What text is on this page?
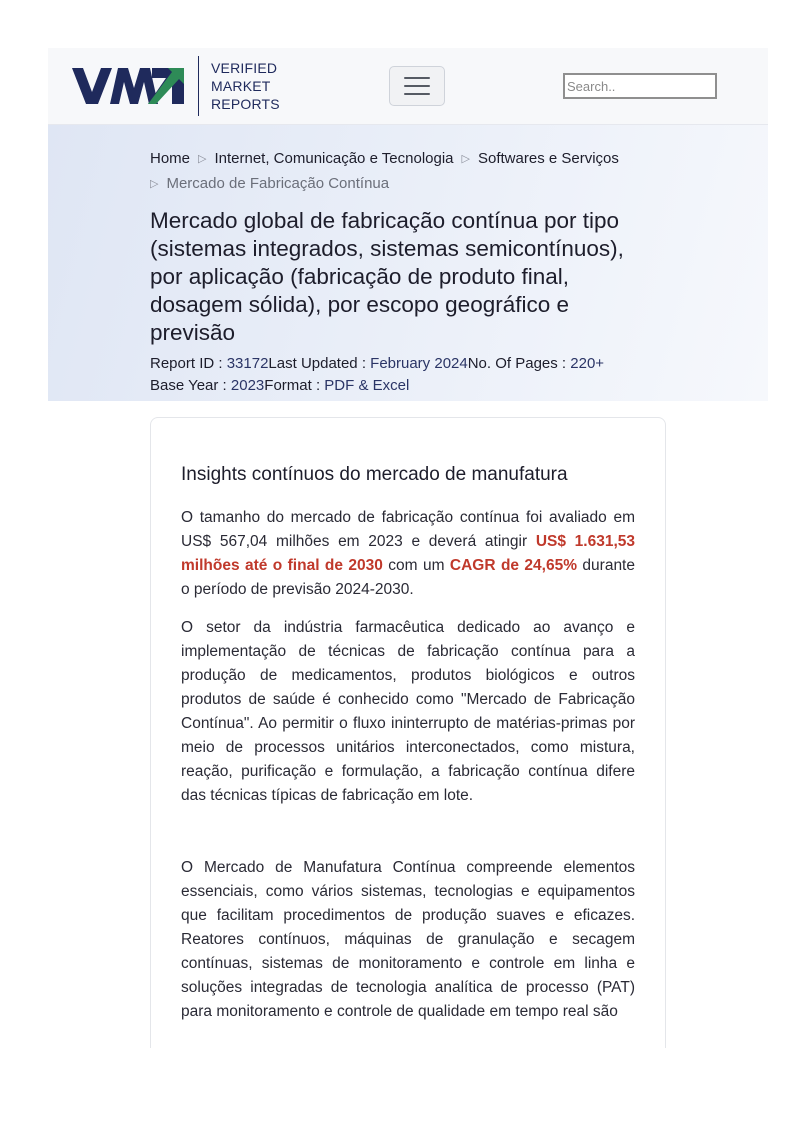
VERIFIED
MARKET
REPORTS
Search..
Home ▷ Internet, Comunicação e Tecnologia ▷ Softwares e Serviços
▷ Mercado de Fabricação Contínua
Mercado global de fabricação contínua por tipo (sistemas integrados, sistemas semicontínuos), por aplicação (fabricação de produto final, dosagem sólida), por escopo geográfico e previsão
Report ID : 33172Last Updated : February 2024No. Of Pages : 220+
Base Year : 2023Format : PDF & Excel
Insights contínuos do mercado de manufatura

O tamanho do mercado de fabricação contínua foi avaliado em US$ 567,04 milhões em 2023 e deverá atingir US$ 1.631,53 milhões até o final de 2030 com um CAGR de 24,65% durante o período de previsão 2024-2030.

O setor da indústria farmacêutica dedicado ao avanço e implementação de técnicas de fabricação contínua para a produção de medicamentos, produtos biológicos e outros produtos de saúde é conhecido como "Mercado de Fabricação Contínua". Ao permitir o fluxo ininterrupto de matérias-primas por meio de processos unitários interconectados, como mistura, reação, purificação e formulação, a fabricação contínua difere das técnicas típicas de fabricação em lote.

O Mercado de Manufatura Contínua compreende elementos essenciais, como vários sistemas, tecnologias e equipamentos que facilitam procedimentos de produção suaves e eficazes. Reatores contínuos, máquinas de granulação e secagem contínuas, sistemas de monitoramento e controle em linha e soluções integradas de tecnologia analítica de processo (PAT) para monitoramento e controle de qualidade em tempo real são
